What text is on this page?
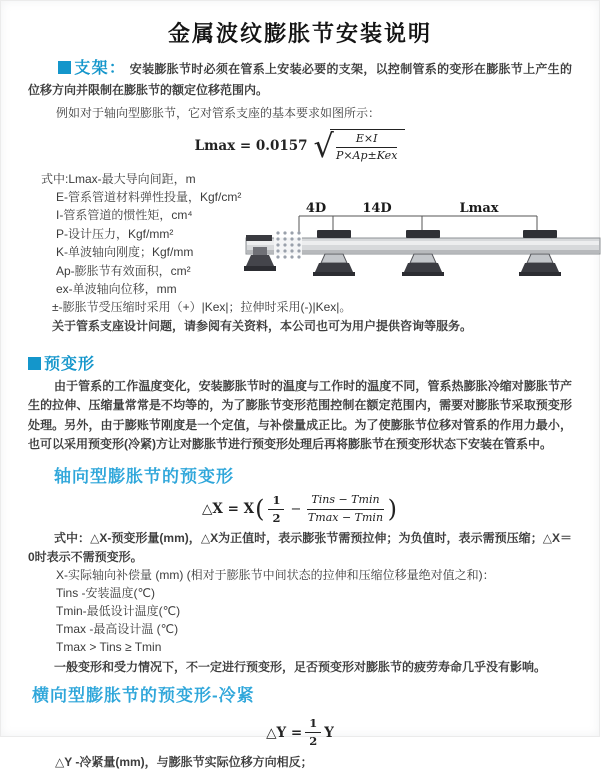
金属波纹膨胀节安装说明

支架： 安装膨胀节时必须在管系上安装必要的支架，以控制管系的变形在膨胀节上产生的位移方向并限制在膨胀节的额定位移范围内。

例如对于轴向型膨胀节，它对管系支座的基本要求如图所示：

Lmax = 0.0157 √ $\frac{E\times I}{\text{P×Ap±Kex}}$
式中:Lmax-最大导向间距，m
E-管系管道材料弹性投量，Kgf/cm²
I-管系管道的惯性矩，cm⁴
P-设计压力，Kgf/mm²
K-单波轴向刚度；Kgf/mm
Ap-膨胀节有效面积，cm²
ex-单波轴向位移，mm
±-膨胀节受压缩时采用（+）|Kex|；拉伸时采用(-)|Kex|。
关于管系支座设计问题，请参阅有关资料，本公司也可为用户提供咨询等服务。
4D	14D	Lmax
预变形

由于管系的工作温度变化，安装膨胀节时的温度与工作时的温度不同，管系热膨胀冷缩对膨胀节产生的拉伸、压缩量常常是不均等的，为了膨胀节变形范围控制在额定范围内，需要对膨胀节采取预变形处理。另外，由于膨账节刚度是一个定值，与补偿量成正比。为了使膨胀节位移对管系的作用力最小，也可以采用预变形(冷紧)方让对膨胀节进行预变形处理后再将膨胀节在预变形状态下安装在管系中。

轴向型膨胀节的预变形
△X = X ( $\frac{1}{2} - \frac{\text{Tins − Tmin}}{Tmax - Tmin}$ )

式中：△X-预变形量(mm)，△X为正值时，表示膨张节需预拉伸；为负值时，表示需预压缩；△X＝0时表示不需预变形。

X-实际轴向补偿量 (mm) (相对于膨胀节中间状态的拉伸和压缩位移量绝对值之和)：
Tins -安装温度(℃)
Tmin-最低设计温度(℃)
Tmax -最高设计温 (℃)
Tmax > Tins ≥ Tmin

一般变形和受力情况下，不一定进行预变形，足否预变形对膨胀节的疲劳寿命几乎没有影响。

横向型膨胀节的预变形-冷紧
△Y = $\frac{1}{2}$ Y
△Y -冷紧量(mm)，与膨胀节实际位移方向相反；
